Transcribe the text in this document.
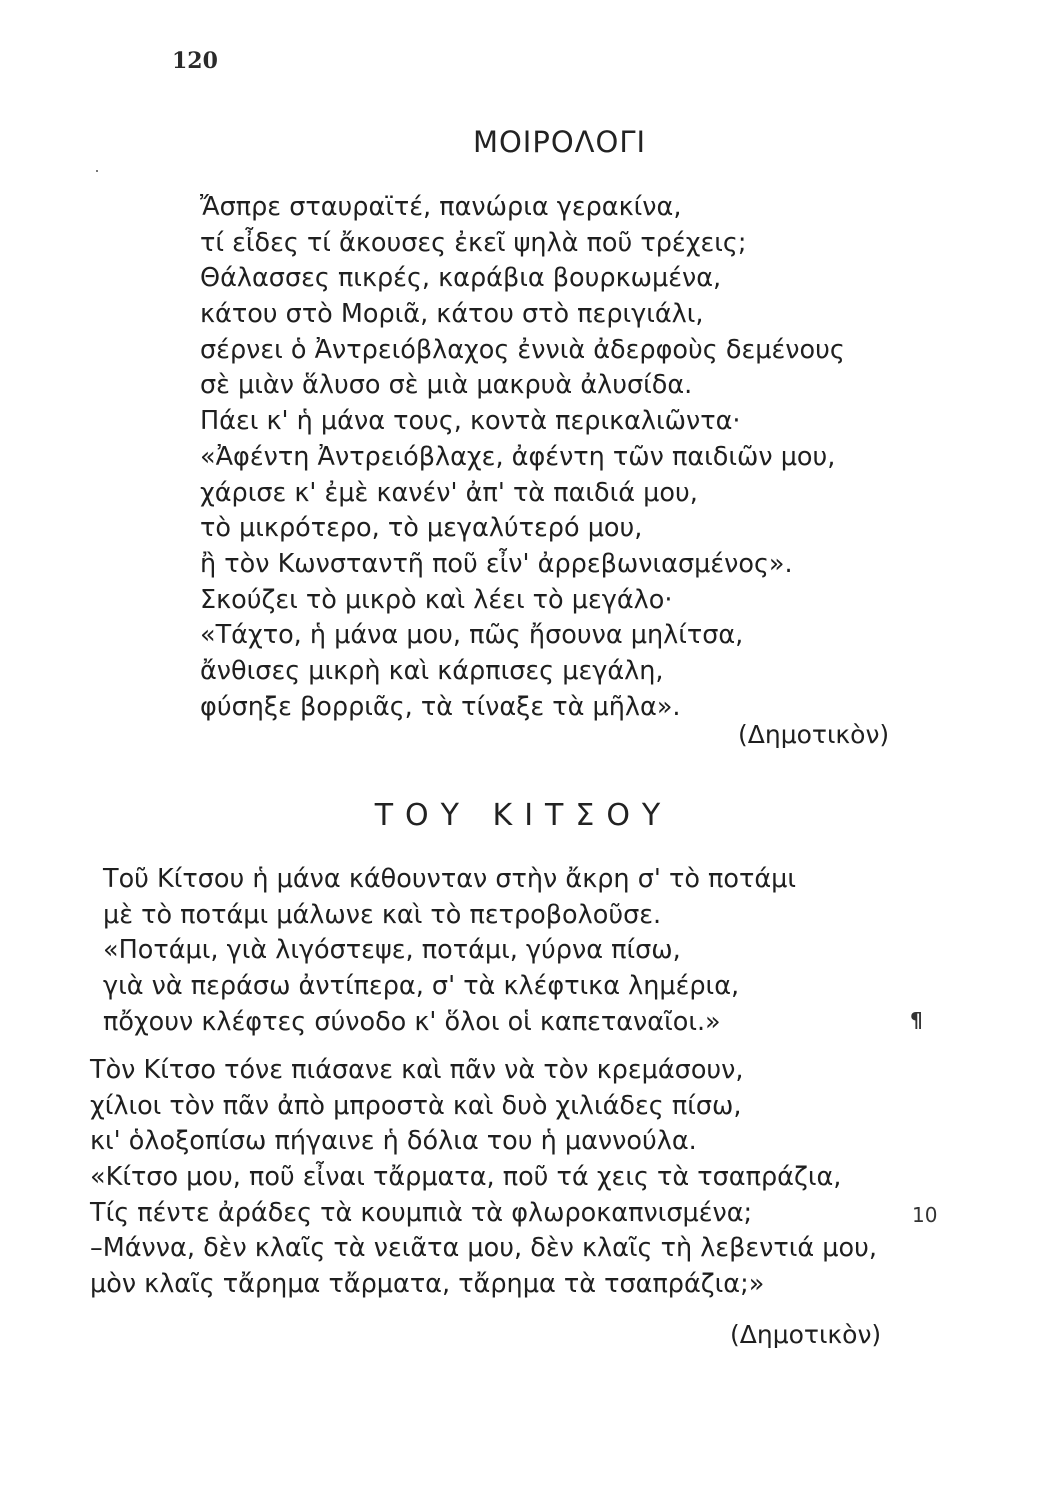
120
ΜΟΙΡΟΛΟΓΙ
Ἄσπρε σταυραϊτέ, πανώρια γερακίνα,
τί εἶδες τί ἄκουσες ἐκεῖ ψηλὰ ποῦ τρέχεις;
Θάλασσες πικρές, καράβια βουρκωμένα,
κάτου στὸ Μοριᾶ, κάτου στὸ περιγιάλι,
σέρνει ὁ Ἀντρειόβλαχος ἐννιὰ ἀδερφοὺς δεμένους
σὲ μιὰν ἅλυσο σὲ μιὰ μακρυὰ ἀλυσίδα.
Πάει κ' ἡ μάνα τους, κοντὰ περικαλιῶντα·
«Ἀφέντη Ἀντρειόβλαχε, ἀφέντη τῶν παιδιῶν μου,
χάρισε κ' ἐμὲ κανέν' ἀπ' τὰ παιδιά μου,
τὸ μικρότερο, τὸ μεγαλύτερό μου,
ἢ τὸν Κωνσταντῆ ποῦ εἶν' ἀρρεβωνιασμένος».
Σκούζει τὸ μικρὸ καὶ λέει τὸ μεγάλο·
«Τάχτο, ἡ μάνα μου, πῶς ἤσουνα μηλίτσα,
ἄνθισες μικρὴ καὶ κάρπισες μεγάλη,
φύσηξε βορριᾶς, τὰ τίναξε τὰ μῆλα».
(Δημοτικὸν)
ΤΟΥ ΚΙΤΣΟΥ
Τοῦ Κίτσου ἡ μάνα κάθουνταν στὴν ἄκρη σ' τὸ ποτάμι
μὲ τὸ ποτάμι μάλωνε καὶ τὸ πετροβολοῦσε.
«Ποτάμι, γιὰ λιγόστεψε, ποτάμι, γύρνα πίσω,
γιὰ νὰ περάσω ἀντίπερα, σ' τὰ κλέφτικα λημέρια,
πὄχουν κλέφτες σύνοδο κ' ὅλοι οἱ καπεταναῖοι.»	¶
Τὸν Κίτσο τόνε πιάσανε καὶ πᾶν νὰ τὸν κρεμάσουν,
χίλιοι τὸν πᾶν ἀπὸ μπροστὰ καὶ δυὸ χιλιάδες πίσω,
κι' ὁλοξοπίσω πήγαινε ἡ δόλια του ἡ μαννούλα.
«Κίτσο μου, ποῦ εἶναι τἄρματα, ποῦ τά χεις τὰ τσαπράζια,
Τίς πέντε ἀράδες τὰ κουμπιὰ τὰ φλωροκαπνισμένα;
–Μάννα, δὲν κλαῖς τὰ νειᾶτα μου, δὲν κλαῖς τὴ λεβεντιά μου,
μὸν κλαῖς τἄρημα τἄρματα, τἄρημα τὰ τσαπράζια;»
10
(Δημοτικὸν)
